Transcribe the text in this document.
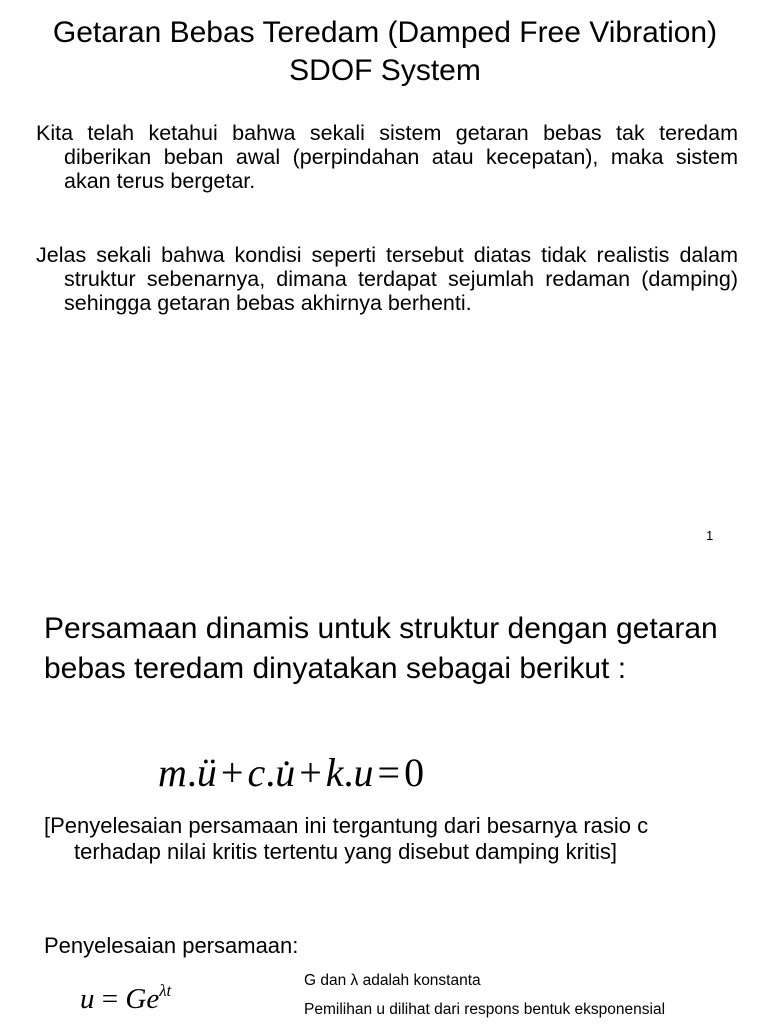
Getaran Bebas Teredam (Damped Free Vibration) SDOF System
Kita telah ketahui bahwa sekali sistem getaran bebas tak teredam diberikan beban awal (perpindahan atau kecepatan), maka sistem akan terus bergetar.
Jelas sekali bahwa kondisi seperti tersebut diatas tidak realistis dalam struktur sebenarnya, dimana terdapat sejumlah redaman (damping) sehingga getaran bebas akhirnya berhenti.
1
Persamaan dinamis untuk struktur dengan getaran bebas teredam dinyatakan sebagai berikut :
m.ü + c.u̇ + k.u = 0
[Penyelesaian persamaan ini tergantung dari besarnya rasio c terhadap nilai kritis tertentu yang disebut damping kritis]
Penyelesaian persamaan:
$u = Ge^{\lambda t}$
G dan λ adalah konstanta
Pemilihan u dilihat dari respons bentuk eksponensial
